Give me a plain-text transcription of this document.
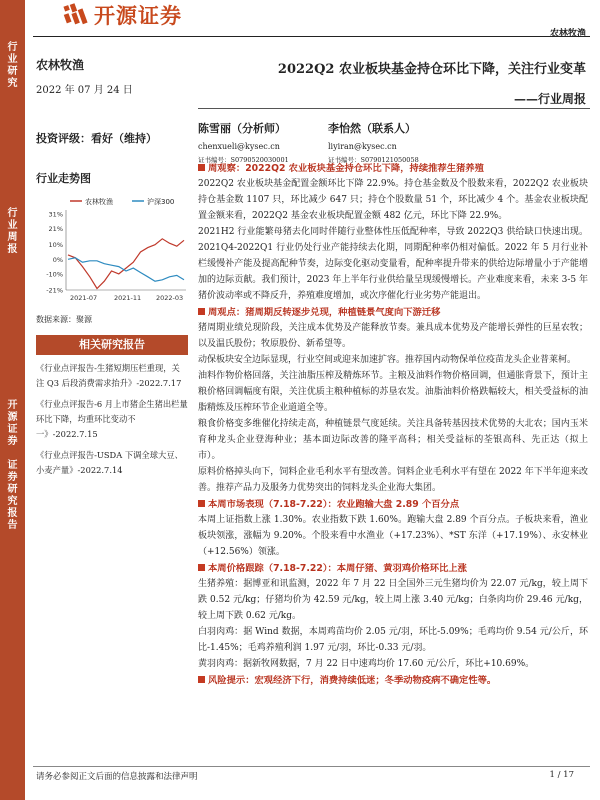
行
业
研
究
行
业
周
报
开
源
证
券

证
券
研
究
报
告
开源证券
农林牧渔
农林牧渔
2022 年 07 月 24 日
投资评级：看好（维持）
行业走势图
农林牧渔	沪深300
31%
21%
10%
0%
-10%
-21%
2021-07	2021-11 2022-03
数据来源：聚源
相关研究报告
《行业点评报告-生猪短期压栏重现，关注 Q3 后段消费需求抬升》-2022.7.17
《行业点评报告-6 月上市猪企生猪出栏量环比下降，均重环比变动不一》-2022.7.15
《行业点评报告-USDA 下调全球大豆、小麦产量》-2022.7.14
2022Q2 农业板块基金持仓环比下降，关注行业变革
——行业周报
陈雪丽（分析师）
chenxueli@kysec.cn
证书编号：S0790520030001
李怡然（联系人）
liyiran@kysec.cn
证书编号：S0790121050058
周观察：2022Q2 农业板块基金持仓环比下降，持续推荐生猪养殖
2022Q2 农业板块基金配置金额环比下降 22.9%。持仓基金数及个股数来看，2022Q2 农业板块持仓基金数 1107 只，环比减少 647 只；持仓个股数量 51 个，环比减少 4 个。基金农业板块配置金额来看，2022Q2 基金农业板块配置金额 482 亿元，环比下降 22.9%。
2021H2 行业能繁母猪去化同时伴随行业整体性压低配种率，导致 2022Q3 供给缺口快速出现。2021Q4-2022Q1 行业仍处行业产能持续去化期，同期配种率仍相对偏低。2022 年 5 月行业补栏缓慢补产能及提高配种节奏，边际变化驱动变量看，配种率提升带来的供给边际增量小于产能增加的边际贡献。我们预计，2023 年上半年行业供给量呈现缓慢增长。产业难度来看，未来 3-5 年猪价波动率或不降反升，养殖难度增加，或次序催化行业劣势产能退出。
周观点：猪周期反转逐步兑现，种植链景气度向下游迁移
猪周期业绩兑现阶段，关注成本优势及产能释放节奏。兼具成本优势及产能增长弹性的巨星农牧；以及温氏股份；牧原股份、新希望等。
动保板块安全边际显现，行业空间或迎来加速扩容。推荐国内动物保单位疫苗龙头企业普莱柯。
油料作物价格回落，关注油脂压榨及精炼环节。主粮及油料作物价格回调，但通胀背景下，预计主粮价格回调幅度有限，关注优质主粮种植标的苏垦农发。油脂油料价格跌幅较大，相关受益标的油脂精炼及压榨环节企业道道全等。
粮食价格变多维催化持续走高，种植链景气度延续。关注具备转基因技术优势的大北农；国内玉米育种龙头企业登海种业；基本面边际改善的隆平高科；相关受益标的荃银高科、先正达（拟上市）。
原料价格掉头向下，饲料企业毛利水平有望改善。饲料企业毛利水平有望在 2022 年下半年迎来改善。推荐产品力及服务力优势突出的饲料龙头企业海大集团。
本周市场表现（7.18-7.22）：农业跑输大盘 2.89 个百分点
本周上证指数上涨 1.30%。农业指数下跌 1.60%。跑输大盘 2.89 个百分点。子板块来看，渔业板块领涨，涨幅为 9.20%。个股来看中水渔业（+17.23%）、*ST 东洋（+17.19%）、永安林业（+12.56%）领涨。
本周价格跟踪（7.18-7.22）：本周仔猪、黄羽鸡价格环比上涨
生猪养殖：据博亚和讯监测，2022 年 7 月 22 日全国外三元生猪均价为 22.07 元/kg，较上周下跌 0.52 元/kg；仔猪均价为 42.59 元/kg，较上周上涨 3.40 元/kg；白条肉均价 29.46 元/kg，较上周下跌 0.62 元/kg。
白羽肉鸡：据 Wind 数据，本周鸡苗均价 2.05 元/羽，环比-5.09%；毛鸡均价 9.54 元/公斤，环比-1.45%；毛鸡养殖利润 1.97 元/羽，环比-0.33 元/羽。
黄羽肉鸡：据新牧网数据，7 月 22 日中速鸡均价 17.60 元/公斤，环比+10.69%。
风险提示：宏观经济下行，消费持续低迷；冬季动物疫病不确定性等。
请务必参阅正文后面的信息披露和法律声明	1 / 17
